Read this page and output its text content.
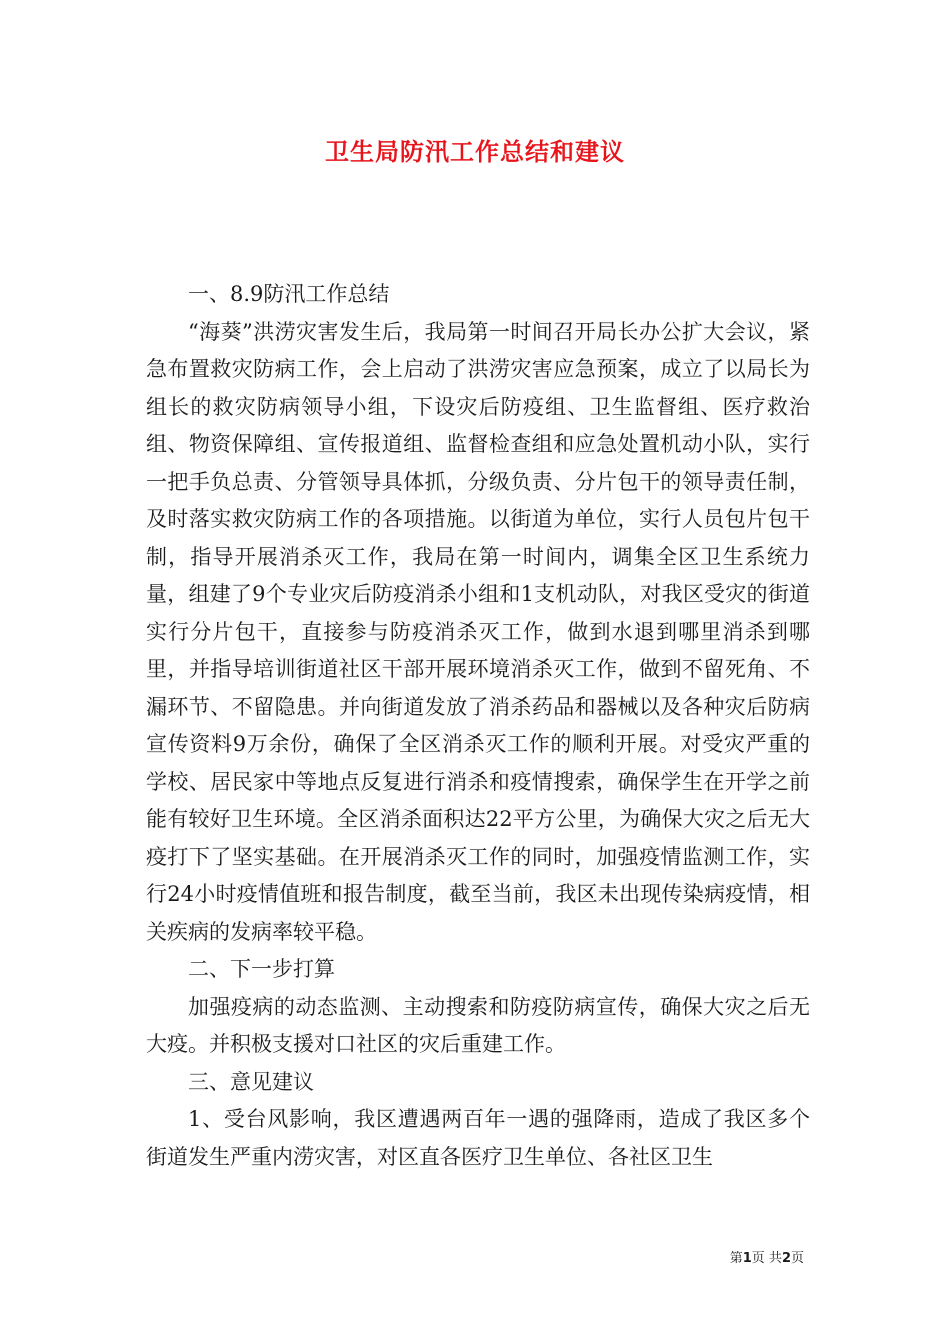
卫生局防汛工作总结和建议

一、8.9防汛工作总结

“海葵”洪涝灾害发生后，我局第一时间召开局长办公扩大会议，紧急布置救灾防病工作，会上启动了洪涝灾害应急预案，成立了以局长为组长的救灾防病领导小组，下设灾后防疫组、卫生监督组、医疗救治组、物资保障组、宣传报道组、监督检查组和应急处置机动小队，实行一把手负总责、分管领导具体抓，分级负责、分片包干的领导责任制，及时落实救灾防病工作的各项措施。以街道为单位，实行人员包片包干制，指导开展消杀灭工作，我局在第一时间内，调集全区卫生系统力量，组建了9个专业灾后防疫消杀小组和1支机动队，对我区受灾的街道实行分片包干，直接参与防疫消杀灭工作，做到水退到哪里消杀到哪里，并指导培训街道社区干部开展环境消杀灭工作，做到不留死角、不漏环节、不留隐患。并向街道发放了消杀药品和器械以及各种灾后防病宣传资料9万余份，确保了全区消杀灭工作的顺利开展。对受灾严重的学校、居民家中等地点反复进行消杀和疫情搜索，确保学生在开学之前能有较好卫生环境。全区消杀面积达22平方公里，为确保大灾之后无大疫打下了坚实基础。在开展消杀灭工作的同时，加强疫情监测工作，实行24小时疫情值班和报告制度，截至当前，我区未出现传染病疫情，相关疾病的发病率较平稳。

二、下一步打算

加强疫病的动态监测、主动搜索和防疫防病宣传，确保大灾之后无大疫。并积极支援对口社区的灾后重建工作。

三、意见建议

1、受台风影响，我区遭遇两百年一遇的强降雨，造成了我区多个街道发生严重内涝灾害，对区直各医疗卫生单位、各社区卫生

第1页 共2页
